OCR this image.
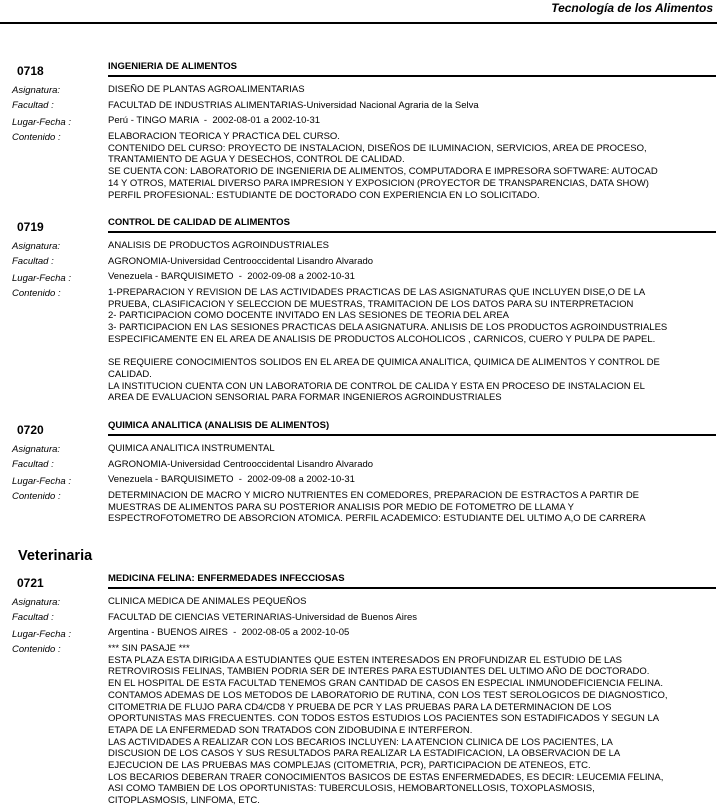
Tecnología de los Alimentos
0718	INGENIERIA DE ALIMENTOS
Asignatura:	DISEÑO DE PLANTAS AGROALIMENTARIAS
Facultad :	FACULTAD DE INDUSTRIAS ALIMENTARIAS-Universidad Nacional Agraria de la Selva
Lugar-Fecha :	Perú - TINGO MARIA  -  2002-08-01 a 2002-10-31
Contenido :	ELABORACION TEORICA Y PRACTICA DEL CURSO.
CONTENIDO DEL CURSO: PROYECTO DE INSTALACION, DISEÑOS DE ILUMINACION, SERVICIOS, AREA DE PROCESO,
TRANTAMIENTO DE AGUA Y DESECHOS, CONTROL DE CALIDAD.
SE CUENTA CON: LABORATORIO DE INGENIERIA DE ALIMENTOS, COMPUTADORA E IMPRESORA SOFTWARE: AUTOCAD
14 Y OTROS, MATERIAL DIVERSO PARA IMPRESION Y EXPOSICION (PROYECTOR DE TRANSPARENCIAS, DATA SHOW)
PERFIL PROFESIONAL: ESTUDIANTE DE DOCTORADO CON EXPERIENCIA EN LO SOLICITADO.
0719	CONTROL DE CALIDAD DE ALIMENTOS
Asignatura:	ANALISIS DE PRODUCTOS AGROINDUSTRIALES
Facultad :	AGRONOMIA-Universidad Centrooccidental Lisandro Alvarado
Lugar-Fecha :	Venezuela - BARQUISIMETO  -  2002-09-08 a 2002-10-31
Contenido :	1-PREPARACION Y REVISION DE LAS ACTIVIDADES PRACTICAS DE LAS ASIGNATURAS QUE INCLUYEN DISE,O DE LA
PRUEBA, CLASIFICACION Y SELECCION DE MUESTRAS, TRAMITACION DE LOS DATOS PARA SU INTERPRETACION
2- PARTICIPACION COMO DOCENTE INVITADO EN LAS SESIONES DE TEORIA DEL AREA
3- PARTICIPACION EN LAS SESIONES PRACTICAS DELA ASIGNATURA. ANLISIS DE LOS PRODUCTOS AGROINDUSTRIALES
ESPECIFICAMENTE EN EL AREA DE ANALISIS DE PRODUCTOS ALCOHOLICOS , CARNICOS, CUERO Y PULPA DE PAPEL.

SE REQUIERE CONOCIMIENTOS SOLIDOS EN EL AREA DE QUIMICA ANALITICA, QUIMICA DE ALIMENTOS Y CONTROL DE
CALIDAD.
LA INSTITUCION CUENTA CON UN LABORATORIA DE CONTROL DE CALIDA Y ESTA EN PROCESO DE INSTALACION EL
AREA DE EVALUACION SENSORIAL PARA FORMAR INGENIEROS AGROINDUSTRIALES
0720	QUIMICA ANALITICA (ANALISIS DE ALIMENTOS)
Asignatura:	QUIMICA ANALITICA INSTRUMENTAL
Facultad :	AGRONOMIA-Universidad Centrooccidental Lisandro Alvarado
Lugar-Fecha :	Venezuela - BARQUISIMETO  -  2002-09-08 a 2002-10-31
Contenido :	DETERMINACION DE MACRO Y MICRO NUTRIENTES EN COMEDORES, PREPARACION DE ESTRACTOS A PARTIR DE
MUESTRAS DE ALIMENTOS PARA SU POSTERIOR ANALISIS POR MEDIO DE FOTOMETRO DE LLAMA Y
ESPECTROFOTOMETRO DE ABSORCION ATOMICA. PERFIL ACADEMICO: ESTUDIANTE DEL ULTIMO A,O DE CARRERA
Veterinaria
0721	MEDICINA FELINA: ENFERMEDADES INFECCIOSAS
Asignatura:	CLINICA MEDICA DE ANIMALES PEQUEÑOS
Facultad :	FACULTAD DE CIENCIAS VETERINARIAS-Universidad de Buenos Aires
Lugar-Fecha :	Argentina - BUENOS AIRES  -  2002-08-05 a 2002-10-05
Contenido :	*** SIN PASAJE ***
ESTA PLAZA ESTA DIRIGIDA A ESTUDIANTES QUE ESTEN INTERESADOS EN PROFUNDIZAR EL ESTUDIO DE LAS
RETROVIROSIS FELINAS, TAMBIEN PODRIA SER DE INTERES PARA ESTUDIANTES DEL ULTIMO AÑO DE DOCTORADO.
EN EL HOSPITAL DE ESTA FACULTAD TENEMOS GRAN CANTIDAD DE CASOS EN ESPECIAL INMUNODEFICIENCIA FELINA.
CONTAMOS ADEMAS DE LOS METODOS DE LABORATORIO DE RUTINA, CON LOS TEST SEROLOGICOS DE DIAGNOSTICO,
CITOMETRIA DE FLUJO PARA CD4/CD8 Y PRUEBA DE PCR Y LAS PRUEBAS PARA LA DETERMINACION DE LOS
OPORTUNISTAS MAS FRECUENTES. CON TODOS ESTOS ESTUDIOS LOS PACIENTES SON ESTADIFICADOS Y SEGUN LA
ETAPA DE LA ENFERMEDAD SON TRATADOS CON ZIDOBUDINA E INTERFERON.
LAS ACTIVIDADES A REALIZAR CON LOS BECARIOS INCLUYEN: LA ATENCION CLINICA DE LOS PACIENTES, LA
DISCUSION DE LOS CASOS Y SUS RESULTADOS PARA REALIZAR LA ESTADIFICACION, LA OBSERVACION DE LA
EJECUCION DE LAS PRUEBAS MAS COMPLEJAS (CITOMETRIA, PCR), PARTICIPACION DE ATENEOS, ETC.
LOS BECARIOS DEBERAN TRAER CONOCIMIENTOS BASICOS DE ESTAS ENFERMEDADES, ES DECIR: LEUCEMIA FELINA,
ASI COMO TAMBIEN DE LOS OPORTUNISTAS: TUBERCULOSIS, HEMOBARTONELLOSIS, TOXOPLASMOSIS,
CITOPLASMOSIS, LINFOMA, ETC.
